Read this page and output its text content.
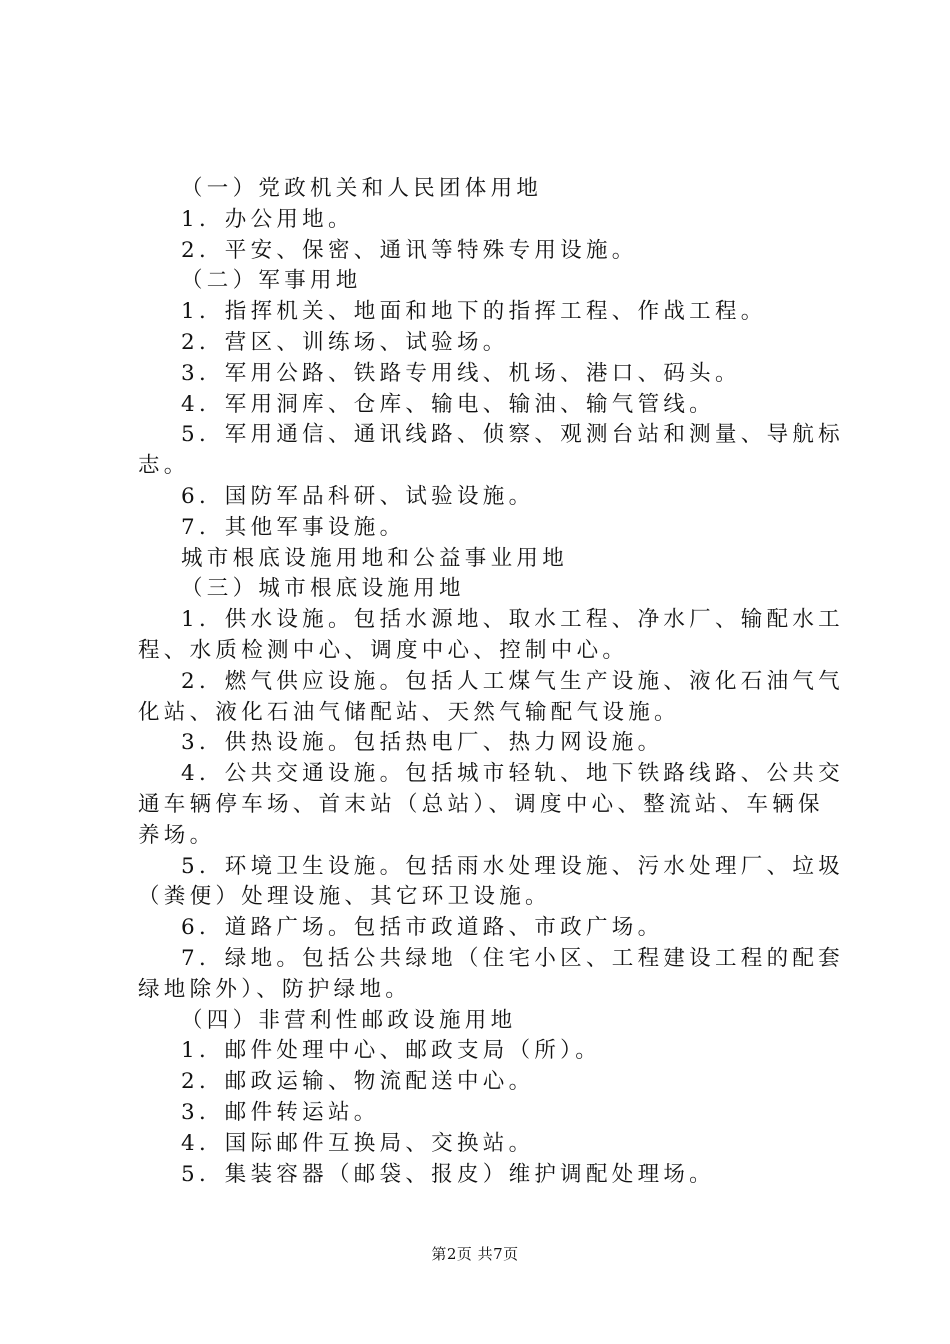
（一）党政机关和人民团体用地
1．办公用地。
2．平安、保密、通讯等特殊专用设施。
（二）军事用地
1．指挥机关、地面和地下的指挥工程、作战工程。
2．营区、训练场、试验场。
3．军用公路、铁路专用线、机场、港口、码头。
4．军用洞库、仓库、输电、输油、输气管线。
5．军用通信、通讯线路、侦察、观测台站和测量、导航标
志。
6．国防军品科研、试验设施。
7．其他军事设施。
城市根底设施用地和公益事业用地
（三）城市根底设施用地
1．供水设施。包括水源地、取水工程、净水厂、输配水工
程、水质检测中心、调度中心、控制中心。
2．燃气供应设施。包括人工煤气生产设施、液化石油气气
化站、液化石油气储配站、天然气输配气设施。
3．供热设施。包括热电厂、热力网设施。
4．公共交通设施。包括城市轻轨、地下铁路线路、公共交
通车辆停车场、首末站（总站）、调度中心、整流站、车辆保
养场。
5．环境卫生设施。包括雨水处理设施、污水处理厂、垃圾
（粪便）处理设施、其它环卫设施。
6．道路广场。包括市政道路、市政广场。
7．绿地。包括公共绿地（住宅小区、工程建设工程的配套
绿地除外）、防护绿地。
（四）非营利性邮政设施用地
1．邮件处理中心、邮政支局（所）。
2．邮政运输、物流配送中心。
3．邮件转运站。
4．国际邮件互换局、交换站。
5．集装容器（邮袋、报皮）维护调配处理场。
第2页 共7页
